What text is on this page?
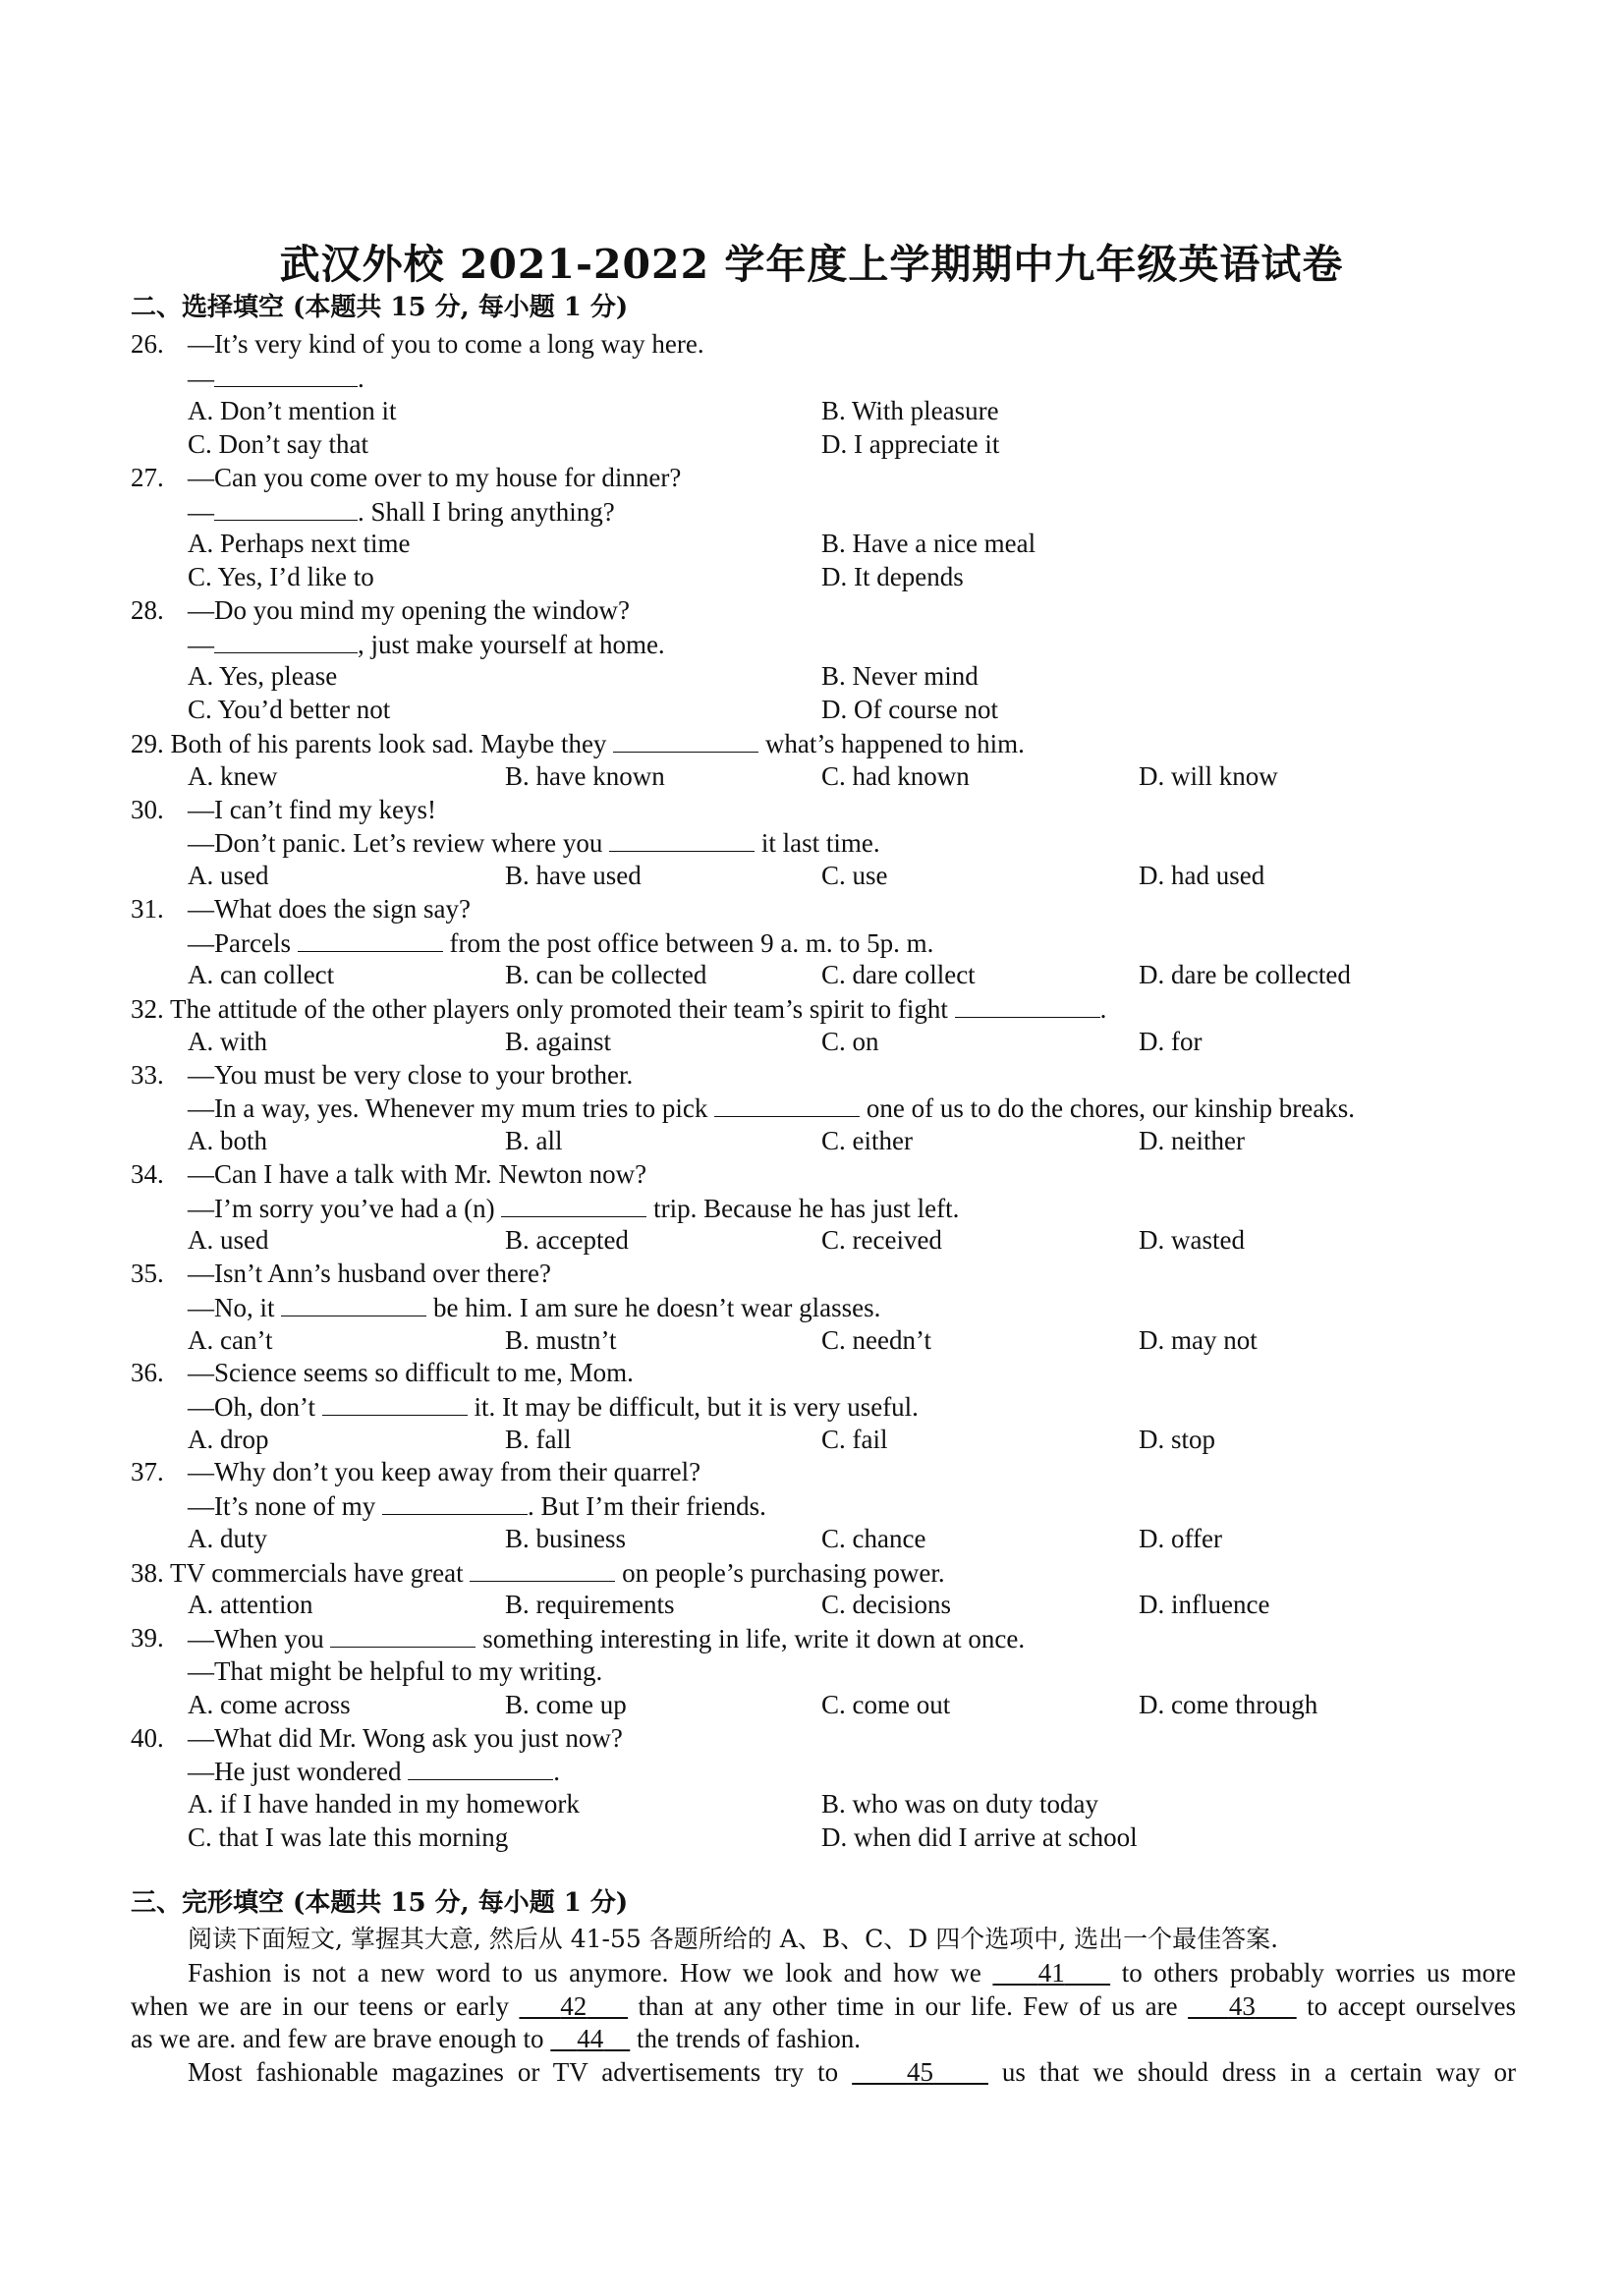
武汉外校 2021-2022 学年度上学期期中九年级英语试卷
二、选择填空 (本题共 15 分, 每小题 1 分)
26. —It’s very kind of you to come a long way here.
—	.
A. Don’t mention it	B. With pleasure
C. Don’t say that	D. I appreciate it
27. —Can you come over to my house for dinner?
—	. Shall I bring anything?
A. Perhaps next time	B. Have a nice meal
C. Yes, I’d like to	D. It depends
28. —Do you mind my opening the window?
—	, just make yourself at home.
A. Yes, please	B. Never mind
C. You’d better not	D. Of course not
29. Both of his parents look sad. Maybe they	what’s happened to him.
A. knew	B. have known	C. had known	D. will know
30. —I can’t find my keys!
—Don’t panic. Let’s review where you	it last time.
A. used	B. have used	C. use	D. had used
31. —What does the sign say?
—Parcels	from the post office between 9 a. m. to 5p. m.
A. can collect	B. can be collected	C. dare collect	D. dare be collected
32. The attitude of the other players only promoted their team’s spirit to fight	.
A. with	B. against	C. on	D. for
33. —You must be very close to your brother.
—In a way, yes. Whenever my mum tries to pick	one of us to do the chores, our kinship breaks.
A. both	B. all	C. either	D. neither
34. —Can I have a talk with Mr. Newton now?
—I’m sorry you’ve had a (n)	trip. Because he has just left.
A. used	B. accepted	C. received	D. wasted
35. —Isn’t Ann’s husband over there?
—No, it	be him. I am sure he doesn’t wear glasses.
A. can’t	B. mustn’t	C. needn’t	D. may not
36. —Science seems so difficult to me, Mom.
—Oh, don’t	it. It may be difficult, but it is very useful.
A. drop	B. fall	C. fail	D. stop
37. —Why don’t you keep away from their quarrel?
—It’s none of my	. But I’m their friends.
A. duty	B. business	C. chance	D. offer
38. TV commercials have great	on people’s purchasing power.
A. attention	B. requirements	C. decisions	D. influence
39. —When you	something interesting in life, write it down at once.
—That might be helpful to my writing.
A. come across	B. come up	C. come out	D. come through
40. —What did Mr. Wong ask you just now?
—He just wondered	.
A. if I have handed in my homework	B. who was on duty today
C. that I was late this morning	D. when did I arrive at school
三、完形填空 (本题共 15 分, 每小题 1 分)
阅读下面短文, 掌握其大意, 然后从 41-55 各题所给的 A、B、C、D 四个选项中, 选出一个最佳答案.
Fashion is not a new word to us anymore. How we look and how we 41 to others probably worries us more
when we are in our teens or early 42 than at any other time in our life. Few of us are 43 to accept ourselves
as we are. and few are brave enough to 44 the trends of fashion.
Most fashionable magazines or TV advertisements try to	45	us that we should dress in a certain way or
